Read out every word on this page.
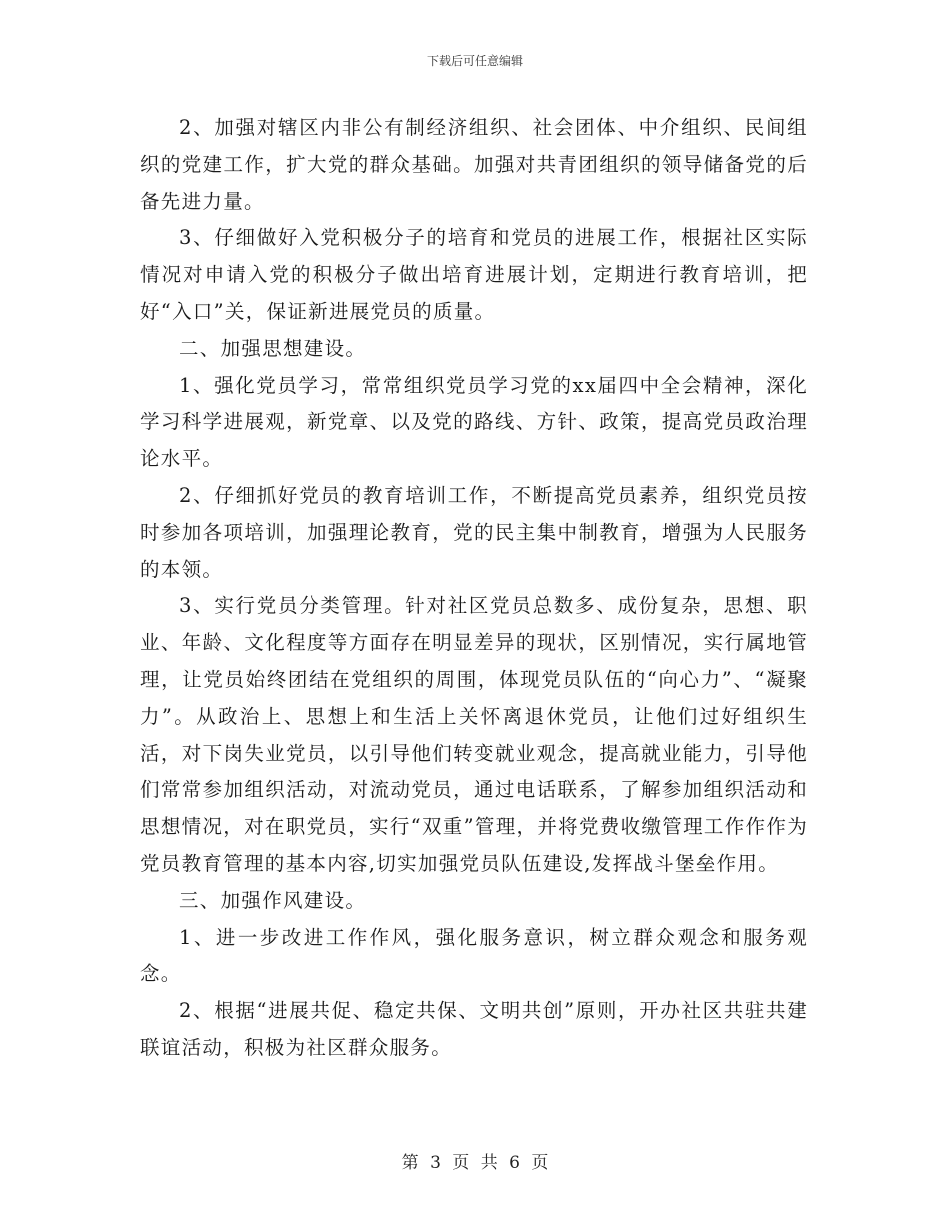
下载后可任意编辑

2、加强对辖区内非公有制经济组织、社会团体、中介组织、民间组织的党建工作，扩大党的群众基础。加强对共青团组织的领导储备党的后备先进力量。

3、仔细做好入党积极分子的培育和党员的进展工作，根据社区实际情况对申请入党的积极分子做出培育进展计划，定期进行教育培训，把好“入口”关，保证新进展党员的质量。

二、加强思想建设。

1、强化党员学习，常常组织党员学习党的xx届四中全会精神，深化学习科学进展观，新党章、以及党的路线、方针、政策，提高党员政治理论水平。

2、仔细抓好党员的教育培训工作，不断提高党员素养，组织党员按时参加各项培训，加强理论教育，党的民主集中制教育，增强为人民服务的本领。

3、实行党员分类管理。针对社区党员总数多、成份复杂，思想、职业、年龄、文化程度等方面存在明显差异的现状，区别情况，实行属地管理，让党员始终团结在党组织的周围，体现党员队伍的“向心力”、“凝聚力”。从政治上、思想上和生活上关怀离退休党员，让他们过好组织生活，对下岗失业党员，以引导他们转变就业观念，提高就业能力，引导他们常常参加组织活动，对流动党员，通过电话联系，了解参加组织活动和思想情况，对在职党员，实行“双重”管理，并将党费收缴管理工作作作为党员教育管理的基本内容,切实加强党员队伍建设,发挥战斗堡垒作用。

三、加强作风建设。

1、进一步改进工作作风，强化服务意识，树立群众观念和服务观念。

2、根据“进展共促、稳定共保、文明共创”原则，开办社区共驻共建联谊活动，积极为社区群众服务。

第 3 页 共 6 页
